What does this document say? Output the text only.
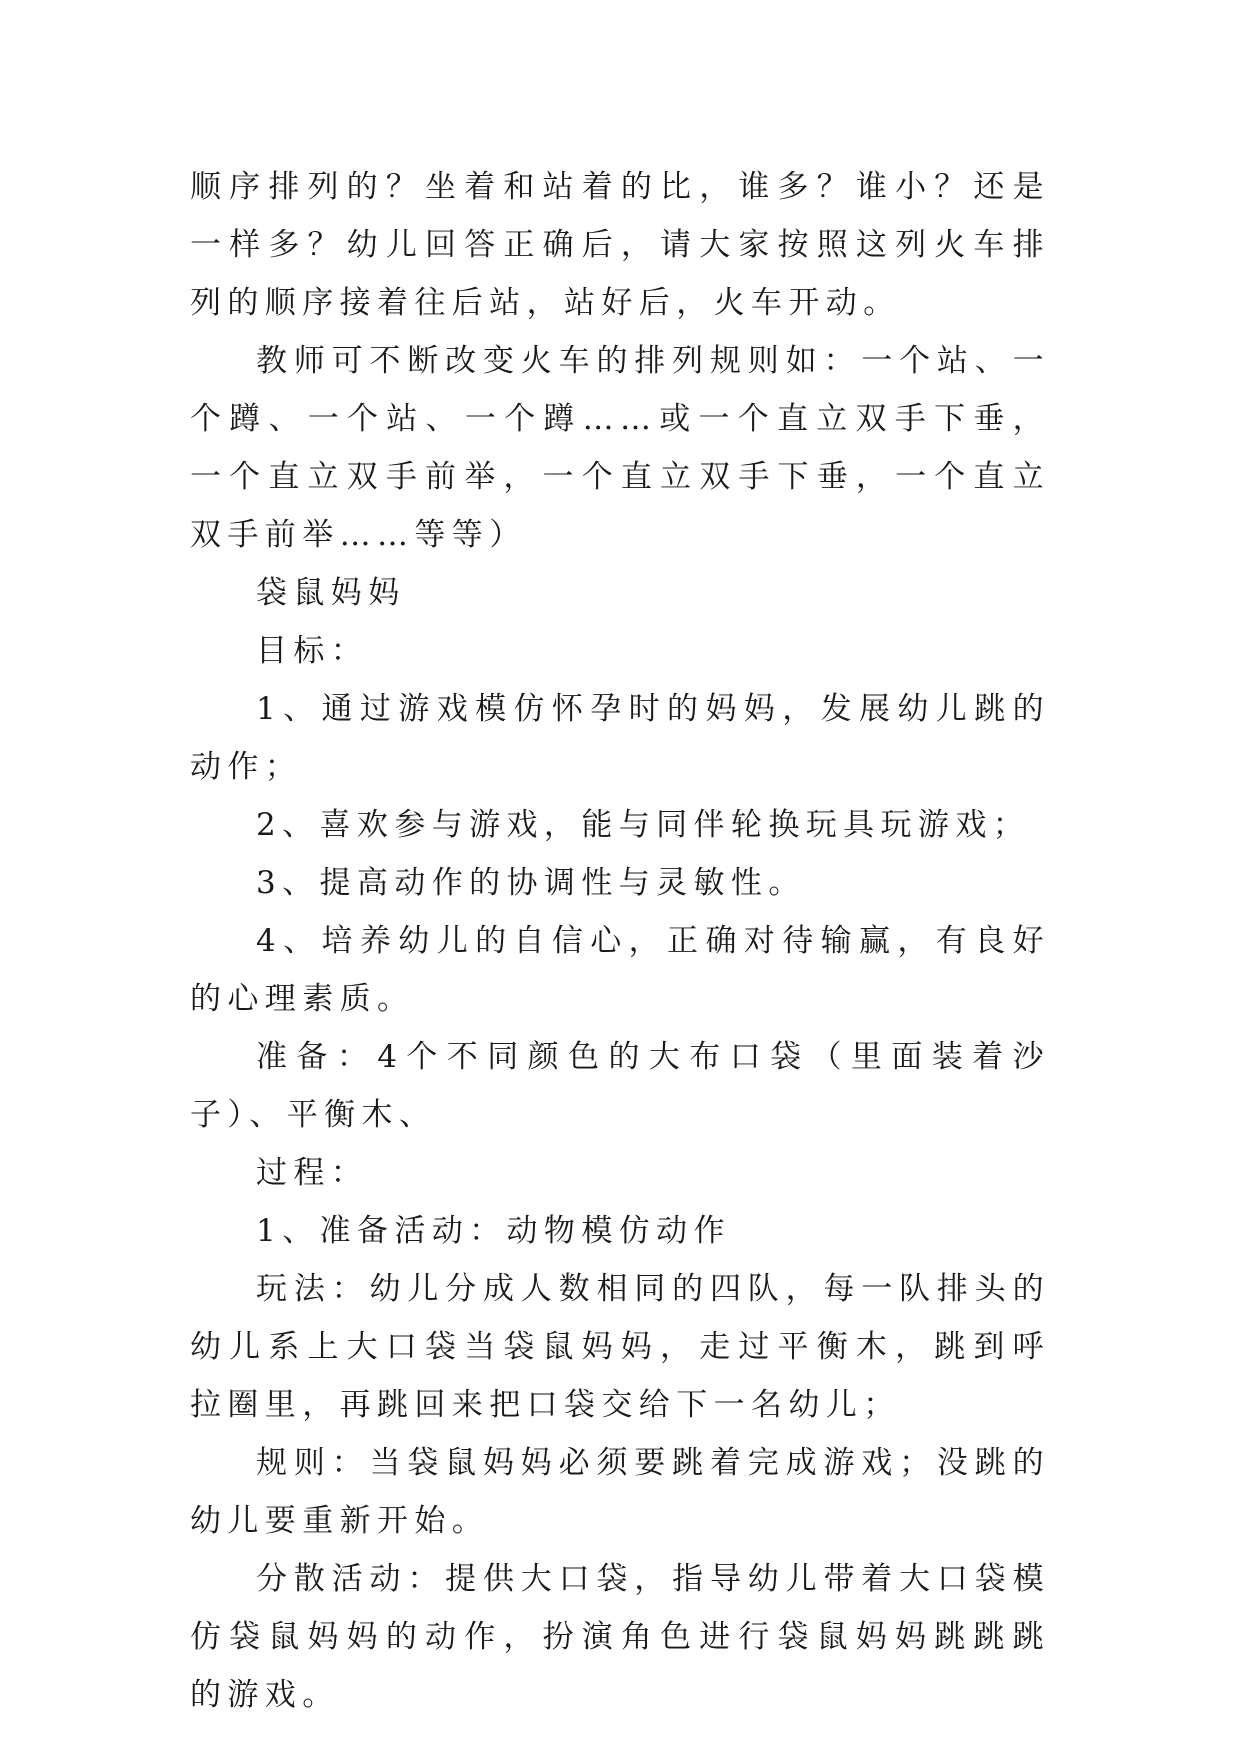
顺序排列的？坐着和站着的比，谁多？谁小？还是一样多？幼儿回答正确后，请大家按照这列火车排列的顺序接着往后站，站好后，火车开动。

教师可不断改变火车的排列规则如：一个站、一个蹲、一个站、一个蹲……或一个直立双手下垂，一个直立双手前举，一个直立双手下垂，一个直立双手前举……等等）

袋鼠妈妈

目标：

1、通过游戏模仿怀孕时的妈妈，发展幼儿跳的动作；

2、喜欢参与游戏，能与同伴轮换玩具玩游戏；

3、提高动作的协调性与灵敏性。

4、培养幼儿的自信心，正确对待输赢，有良好的心理素质。

准备：4个不同颜色的大布口袋（里面装着沙子）、平衡木、

过程：

1、准备活动：动物模仿动作

玩法：幼儿分成人数相同的四队，每一队排头的幼儿系上大口袋当袋鼠妈妈，走过平衡木，跳到呼拉圈里，再跳回来把口袋交给下一名幼儿；

规则：当袋鼠妈妈必须要跳着完成游戏；没跳的幼儿要重新开始。

分散活动：提供大口袋，指导幼儿带着大口袋模仿袋鼠妈妈的动作，扮演角色进行袋鼠妈妈跳跳跳的游戏。
